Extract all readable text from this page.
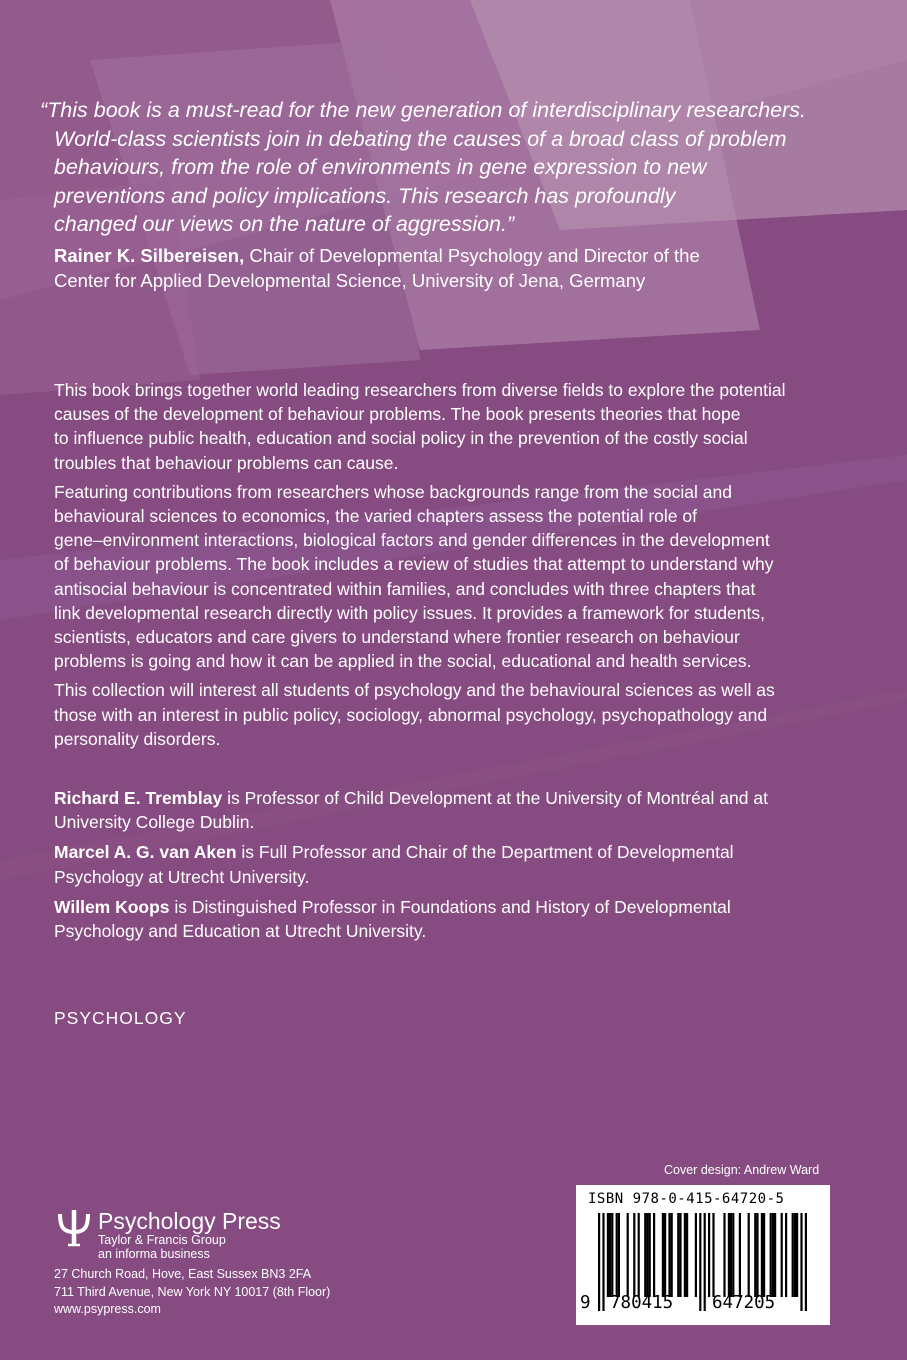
“This book is a must-read for the new generation of interdisciplinary researchers.
World-class scientists join in debating the causes of a broad class of problem
behaviours, from the role of environments in gene expression to new
preventions and policy implications. This research has profoundly
changed our views on the nature of aggression.”
Rainer K. Silbereisen, Chair of Developmental Psychology and Director of the
Center for Applied Developmental Science, University of Jena, Germany

This book brings together world leading researchers from diverse fields to explore the potential
causes of the development of behaviour problems. The book presents theories that hope
to influence public health, education and social policy in the prevention of the costly social
troubles that behaviour problems can cause.

Featuring contributions from researchers whose backgrounds range from the social and
behavioural sciences to economics, the varied chapters assess the potential role of
gene–environment interactions, biological factors and gender differences in the development
of behaviour problems. The book includes a review of studies that attempt to understand why
antisocial behaviour is concentrated within families, and concludes with three chapters that
link developmental research directly with policy issues. It provides a framework for students,
scientists, educators and care givers to understand where frontier research on behaviour
problems is going and how it can be applied in the social, educational and health services.

This collection will interest all students of psychology and the behavioural sciences as well as
those with an interest in public policy, sociology, abnormal psychology, psychopathology and
personality disorders.

Richard E. Tremblay is Professor of Child Development at the University of Montréal and at
University College Dublin.

Marcel A. G. van Aken is Full Professor and Chair of the Department of Developmental
Psychology at Utrecht University.

Willem Koops is Distinguished Professor in Foundations and History of Developmental
Psychology and Education at Utrecht University.

PSYCHOLOGY
Psychology Press
Taylor & Francis Group
an informa business
27 Church Road, Hove, East Sussex BN3 2FA
711 Third Avenue, New York NY 10017 (8th Floor)
www.psypress.com
Cover design: Andrew Ward
ISBN 978-0-415-64720-5
9 780415 647205
